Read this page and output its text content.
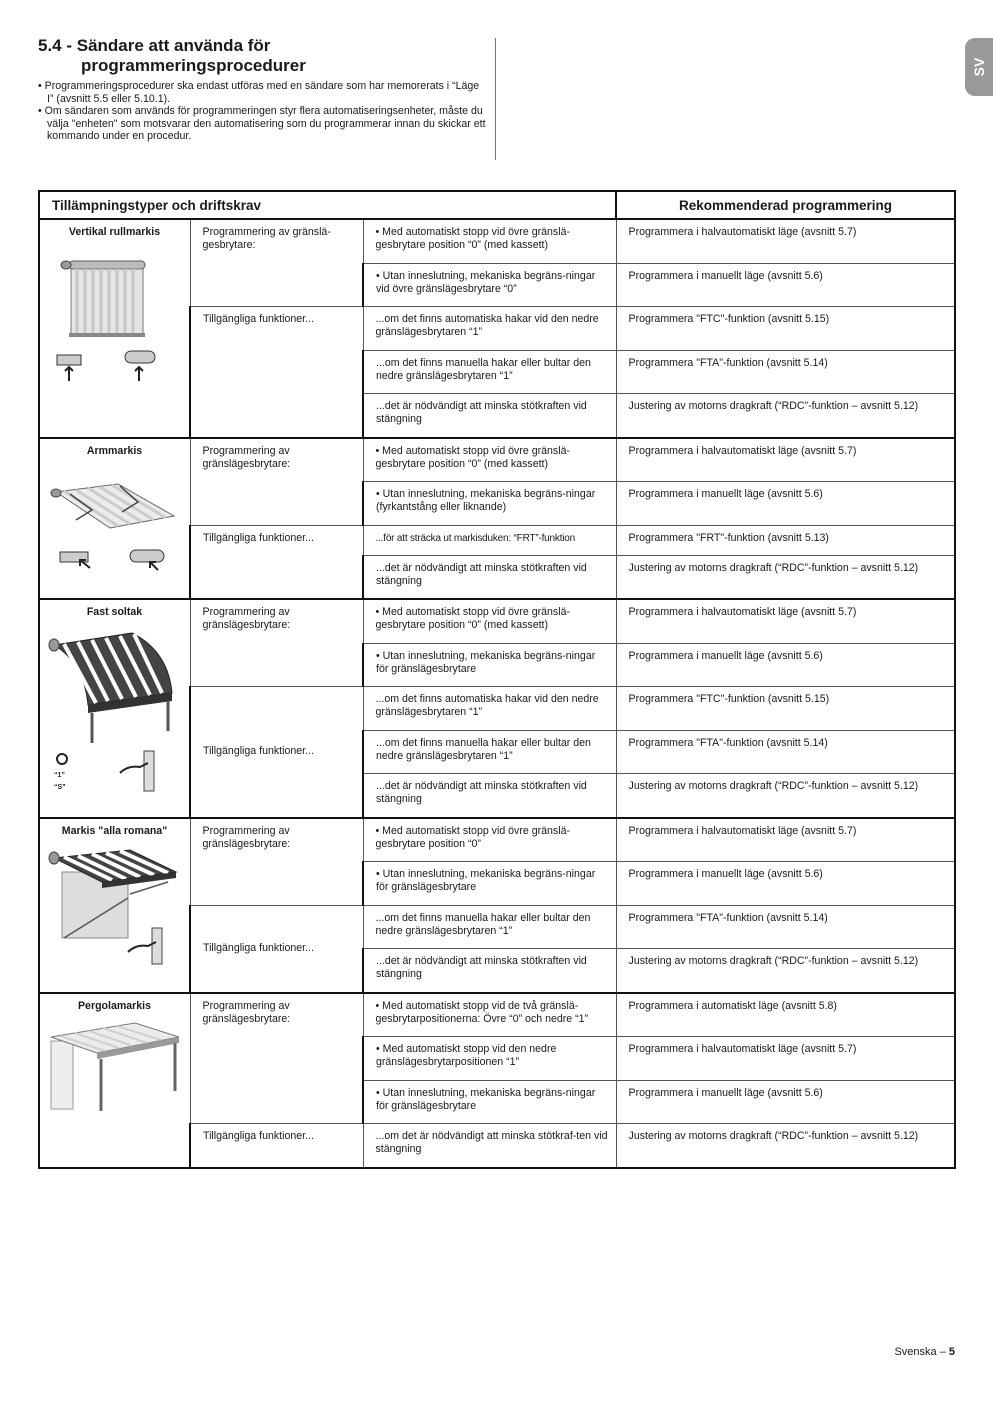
5.4 - Sändare att använda för
programmeringsprocedurer

• Programmeringsprocedurer ska endast utföras med en sändare som har memorerats i “Läge I” (avsnitt 5.5 eller 5.10.1).

• Om sändaren som används för programmeringen styr flera automatiseringsenheter, måste du välja "enheten" som motsvarar den automatisering som du programmerar innan du skickar ett kommando under en procedur.

SV
Tillämpningstyper och driftskrav			Rekommenderad programmering

Vertikal rullmarkis	Programmering av gränslä-gesbrytare:	• Med automatiskt stopp vid övre gränslä-gesbrytare position “0” (med kassett)	Programmera i halvautomatiskt läge (avsnitt 5.7)
		• Utan inneslutning, mekaniska begräns-ningar vid övre gränslägesbrytare “0”	Programmera i manuellt läge (avsnitt 5.6)
	Tillgängliga funktioner...	...om det finns automatiska hakar vid den nedre gränslägesbrytaren “1”	Programmera "FTC"-funktion (avsnitt 5.15)
		...om det finns manuella hakar eller bultar den nedre gränslägesbrytaren “1”	Programmera "FTA"-funktion (avsnitt 5.14)
		...det är nödvändigt att minska stötkraften vid stängning	Justering av motorns dragkraft (“RDC”-funktion – avsnitt 5.12)

Armmarkis	Programmering av gränslägesbrytare:	• Med automatiskt stopp vid övre gränslä-gesbrytare position “0” (med kassett)	Programmera i halvautomatiskt läge (avsnitt 5.7)
		• Utan inneslutning, mekaniska begräns-ningar (fyrkantstång eller liknande)	Programmera i manuellt läge (avsnitt 5.6)
	Tillgängliga funktioner...	...för att sträcka ut markisduken: “FRT”-funktion	Programmera "FRT"-funktion (avsnitt 5.13)
		...det är nödvändigt att minska stötkraften vid stängning	Justering av motorns dragkraft (“RDC”-funktion – avsnitt 5.12)

Fast soltak
“1”
“S”	Programmering av gränslägesbrytare:	• Med automatiskt stopp vid övre gränslä-gesbrytare position “0” (med kassett)	Programmera i halvautomatiskt läge (avsnitt 5.7)
		• Utan inneslutning, mekaniska begräns-ningar för gränslägesbrytare	Programmera i manuellt läge (avsnitt 5.6)
	Tillgängliga funktioner...	...om det finns automatiska hakar vid den nedre gränslägesbrytaren “1”	Programmera "FTC"-funktion (avsnitt 5.15)
		...om det finns manuella hakar eller bultar den nedre gränslägesbrytaren “1”	Programmera "FTA"-funktion (avsnitt 5.14)
		...det är nödvändigt att minska stötkraften vid stängning	Justering av motorns dragkraft (“RDC”-funktion – avsnitt 5.12)

Markis "alla romana"	Programmering av gränslägesbrytare:	• Med automatiskt stopp vid övre gränslä-gesbrytare position “0”	Programmera i halvautomatiskt läge (avsnitt 5.7)
		• Utan inneslutning, mekaniska begräns-ningar för gränslägesbrytare	Programmera i manuellt läge (avsnitt 5.6)
	Tillgängliga funktioner...	...om det finns manuella hakar eller bultar den nedre gränslägesbrytaren “1”	Programmera "FTA"-funktion (avsnitt 5.14)
		...det är nödvändigt att minska stötkraften vid stängning	Justering av motorns dragkraft (“RDC”-funktion – avsnitt 5.12)

Pergolamarkis	Programmering av gränslägesbrytare:	• Med automatiskt stopp vid de två gränslä-gesbrytarpositionerna: Övre “0” och nedre “1”	Programmera i automatiskt läge (avsnitt 5.8)
		• Med automatiskt stopp vid den nedre gränslägesbrytarpositionen “1”	Programmera i halvautomatiskt läge (avsnitt 5.7)
		• Utan inneslutning, mekaniska begräns-ningar för gränslägesbrytare	Programmera i manuellt läge (avsnitt 5.6)
	Tillgängliga funktioner...	...om det är nödvändigt att minska stötkraf-ten vid stängning	Justering av motorns dragkraft (“RDC”-funktion – avsnitt 5.12)
Svenska – 5
